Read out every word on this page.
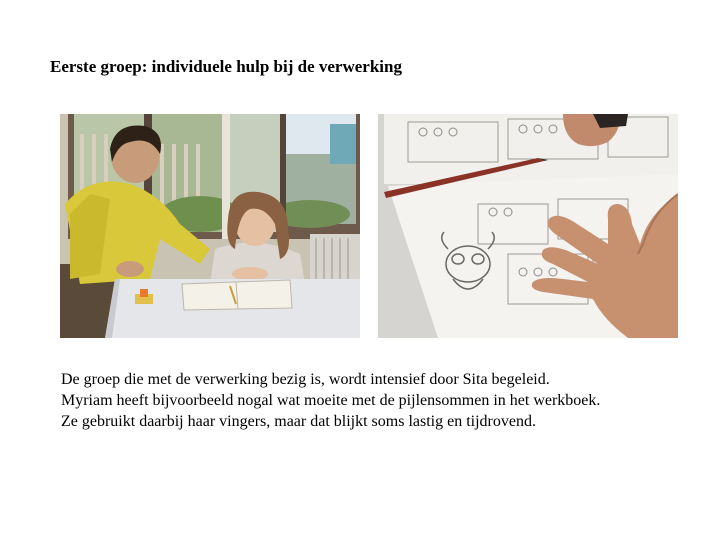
Eerste groep: individuele hulp bij de verwerking

De groep die met de verwerking bezig is, wordt intensief door Sita begeleid.

Myriam heeft bijvoorbeeld nogal wat moeite met de pijlensommen in het werkboek.

Ze gebruikt daarbij haar vingers, maar dat blijkt soms lastig en tijdrovend.
